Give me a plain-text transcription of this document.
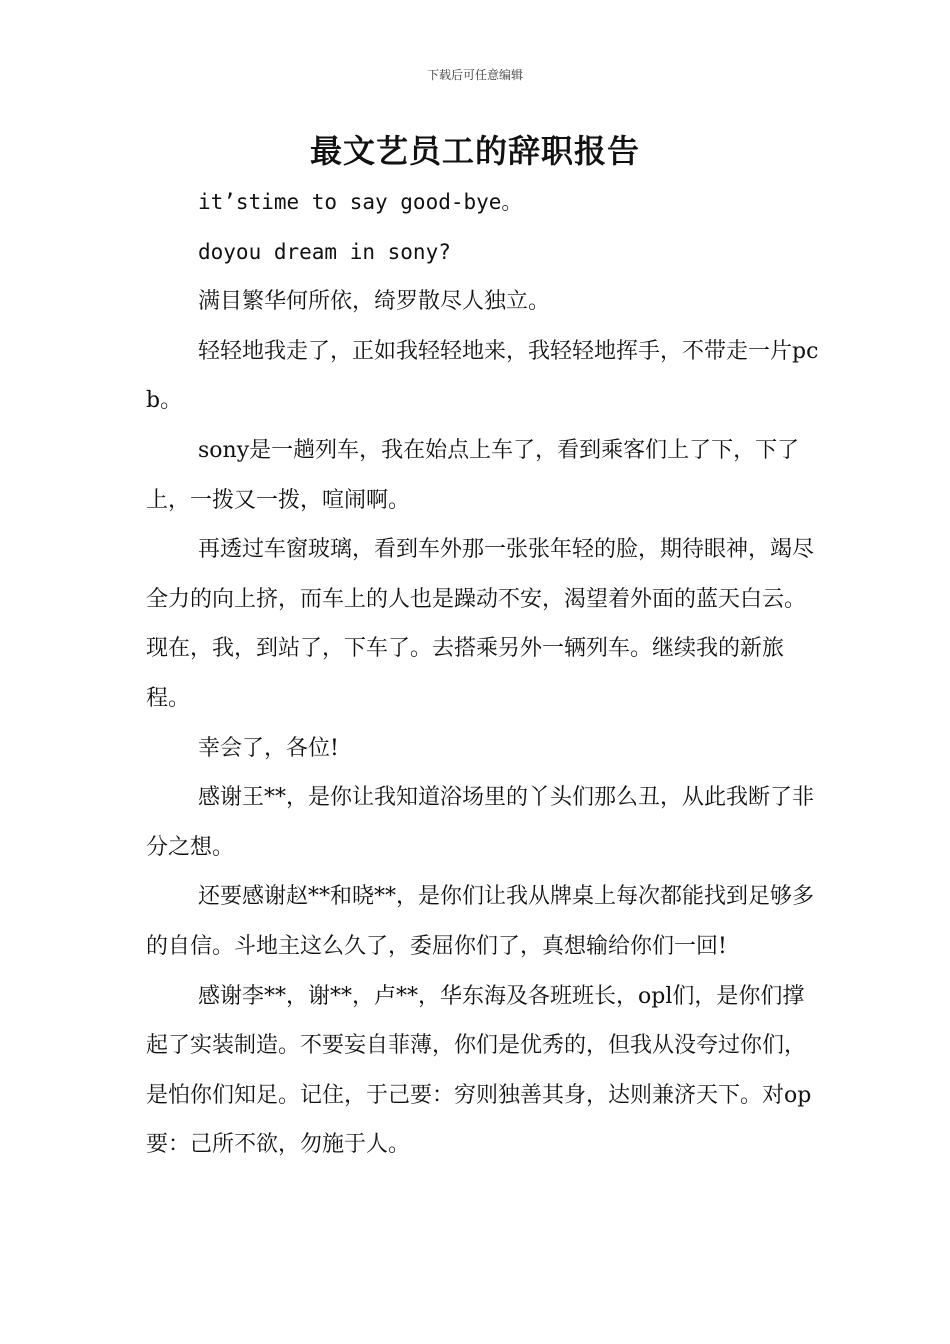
下载后可任意编辑
最文艺员工的辞职报告

it’stime to say good-bye。

doyou dream in sony?

满目繁华何所依，绮罗散尽人独立。

轻轻地我走了，正如我轻轻地来，我轻轻地挥手，不带走一片pcb。

sony是一趟列车，我在始点上车了，看到乘客们上了下，下了上，一拨又一拨，喧闹啊。

再透过车窗玻璃，看到车外那一张张年轻的脸，期待眼神，竭尽全力的向上挤，而车上的人也是躁动不安，渴望着外面的蓝天白云。 现在，我，到站了，下车了。去搭乘另外一辆列车。继续我的新旅程。

幸会了，各位!

感谢王**，是你让我知道浴场里的丫头们那么丑，从此我断了非分之想。

还要感谢赵**和晓**，是你们让我从牌桌上每次都能找到足够多的自信。斗地主这么久了，委屈你们了，真想输给你们一回!

感谢李**，谢**，卢**，华东海及各班班长，opl们，是你们撑起了实装制造。不要妄自菲薄，你们是优秀的，但我从没夸过你们，是怕你们知足。记住，于己要：穷则独善其身，达则兼济天下。对op要：己所不欲，勿施于人。
